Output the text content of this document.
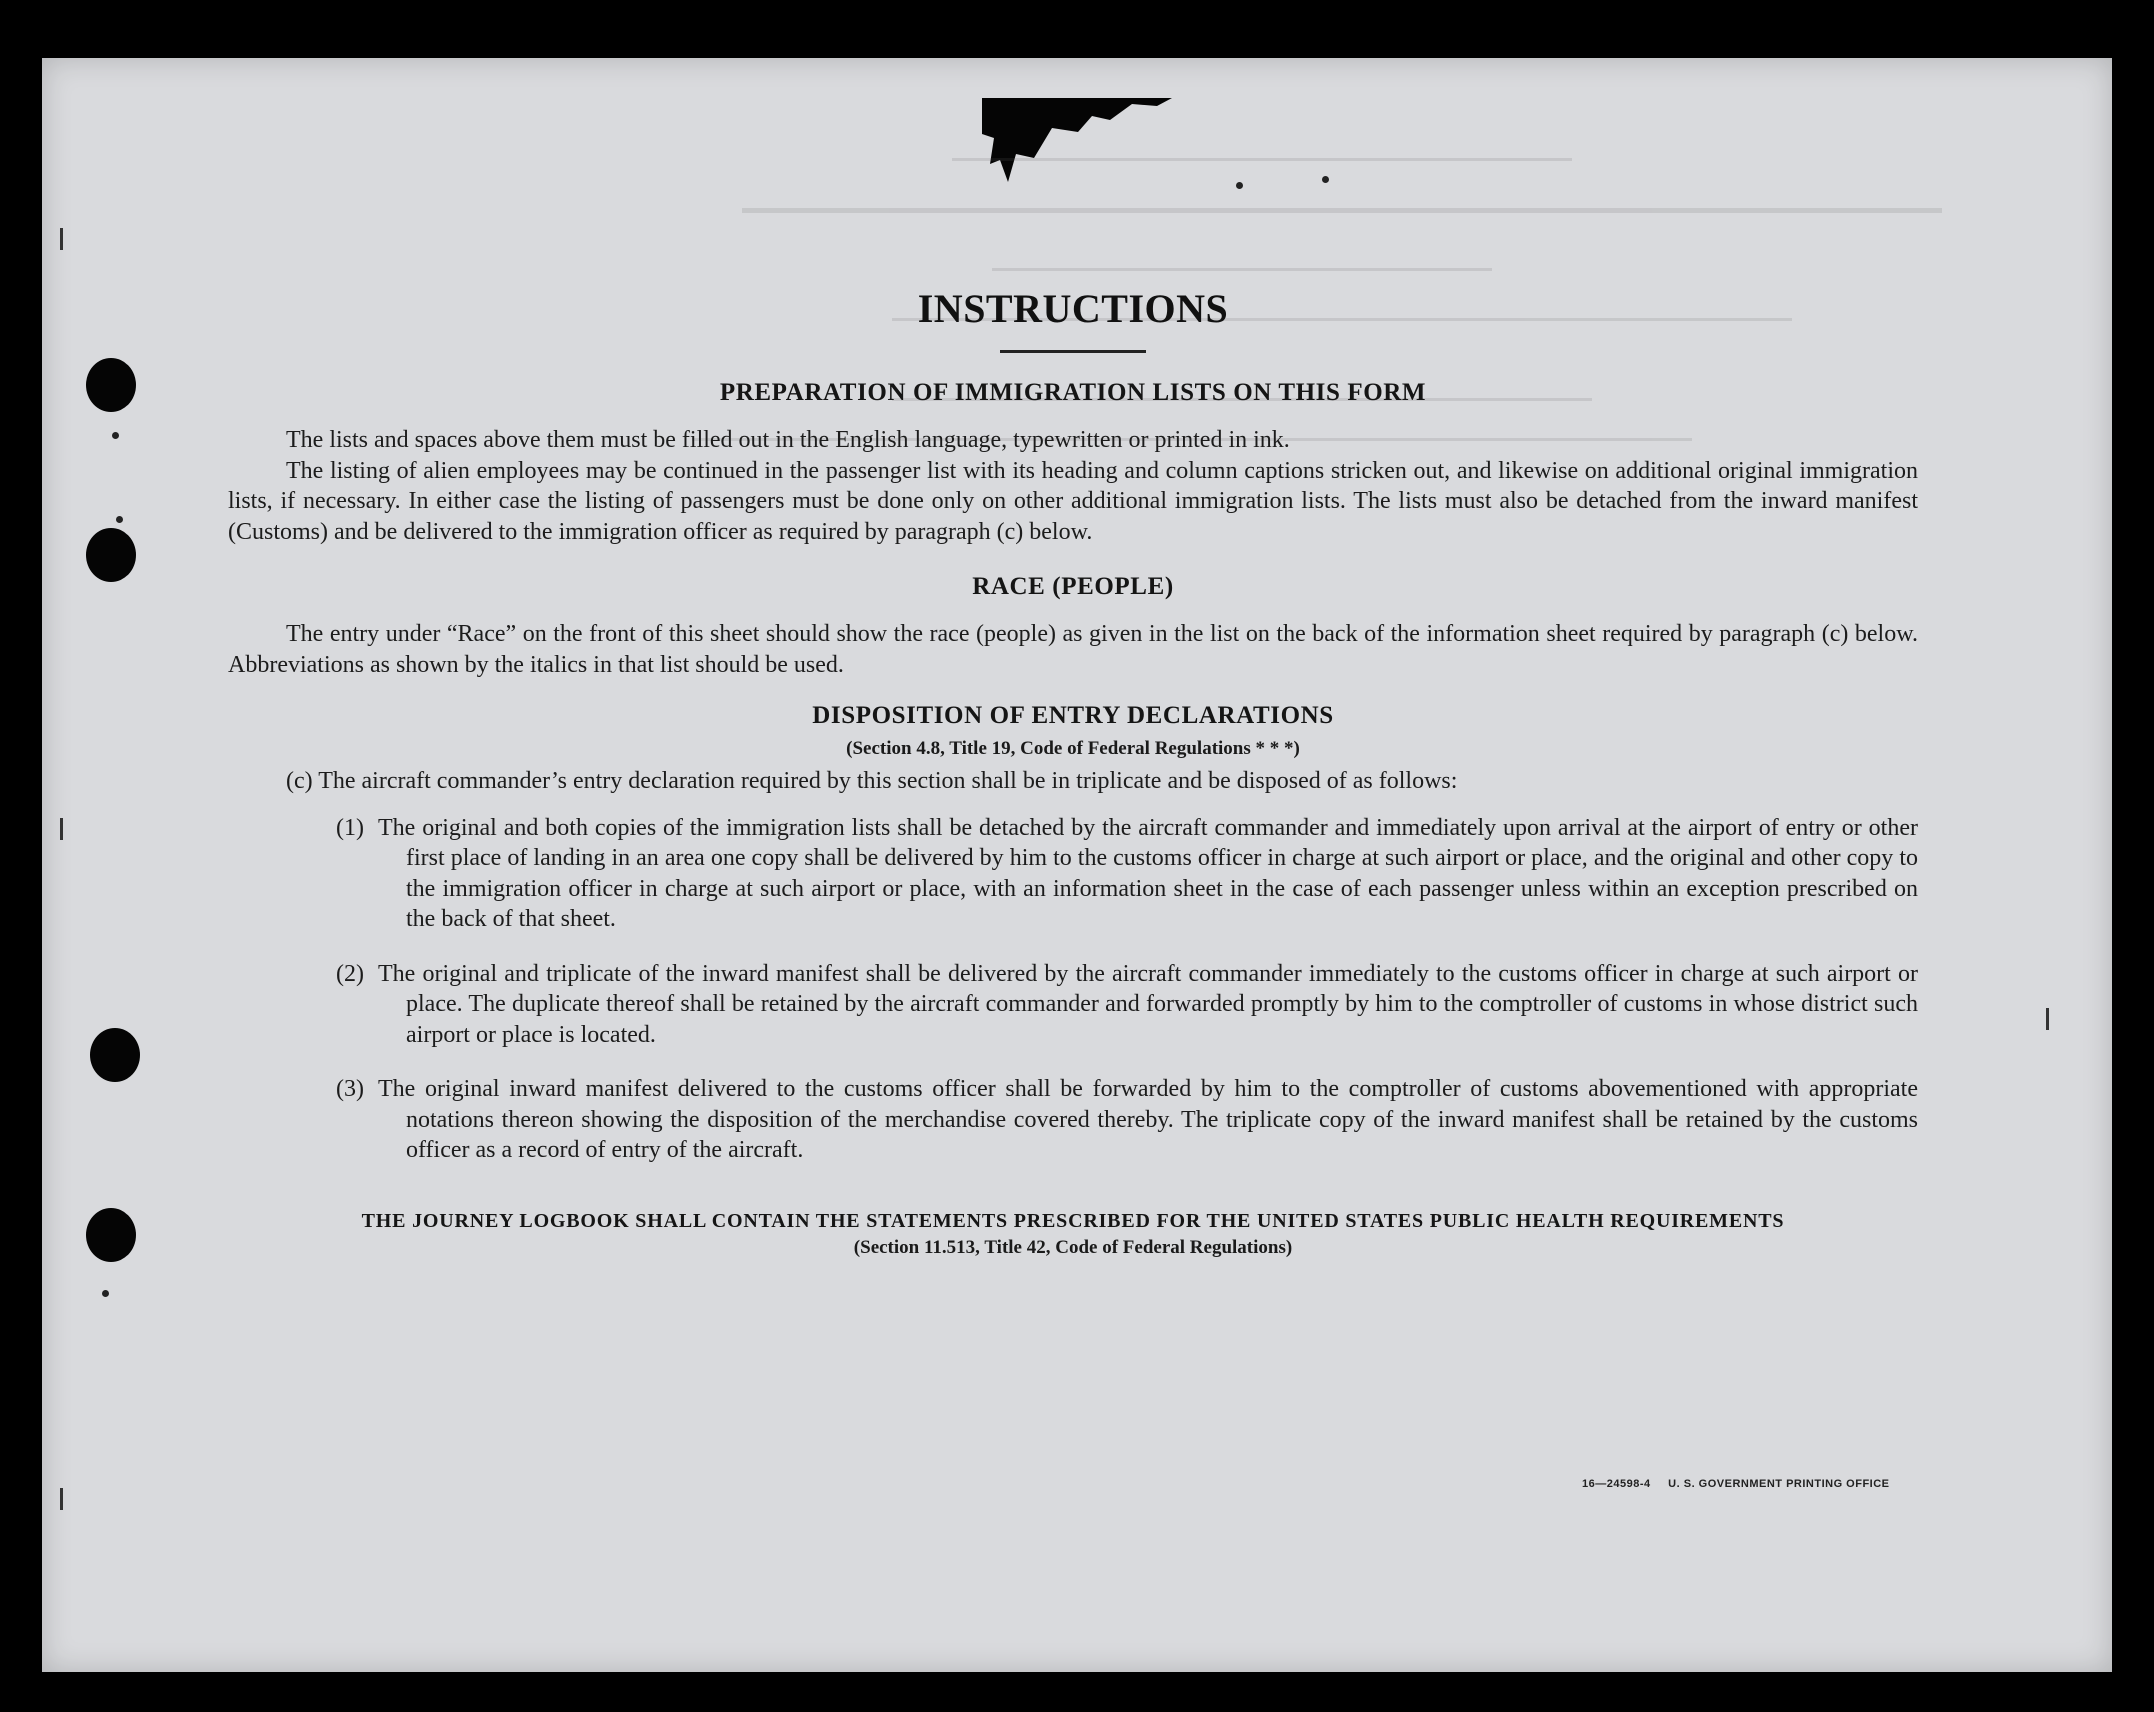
16—24598-4 U. S. GOVERNMENT PRINTING OFFICE
INSTRUCTIONS
PREPARATION OF IMMIGRATION LISTS ON THIS FORM

The lists and spaces above them must be filled out in the English language, typewritten or printed in ink.

The listing of alien employees may be continued in the passenger list with its heading and column captions stricken out, and likewise on additional original immigration lists, if necessary. In either case the listing of passengers must be done only on other additional immigration lists. The lists must also be detached from the inward manifest (Customs) and be delivered to the immigration officer as required by paragraph (c) below.

RACE (PEOPLE)

The entry under “Race” on the front of this sheet should show the race (people) as given in the list on the back of the information sheet required by paragraph (c) below. Abbreviations as shown by the italics in that list should be used.

DISPOSITION OF ENTRY DECLARATIONS

(Section 4.8, Title 19, Code of Federal Regulations * * *)

(c) The aircraft commander’s entry declaration required by this section shall be in triplicate and be disposed of as follows:

(1) The original and both copies of the immigration lists shall be detached by the aircraft commander and immediately upon arrival at the airport of entry or other first place of landing in an area one copy shall be delivered by him to the customs officer in charge at such airport or place, and the original and other copy to the immigration officer in charge at such airport or place, with an information sheet in the case of each passenger unless within an exception prescribed on the back of that sheet.
(2) The original and triplicate of the inward manifest shall be delivered by the aircraft commander immediately to the customs officer in charge at such airport or place. The duplicate thereof shall be retained by the aircraft commander and forwarded promptly by him to the comptroller of customs in whose district such airport or place is located.
(3) The original inward manifest delivered to the customs officer shall be forwarded by him to the comptroller of customs abovementioned with appropriate notations thereon showing the disposition of the merchandise covered thereby. The triplicate copy of the inward manifest shall be retained by the customs officer as a record of entry of the aircraft.
THE JOURNEY LOGBOOK SHALL CONTAIN THE STATEMENTS PRESCRIBED FOR THE UNITED STATES PUBLIC HEALTH REQUIREMENTS

(Section 11.513, Title 42, Code of Federal Regulations)
